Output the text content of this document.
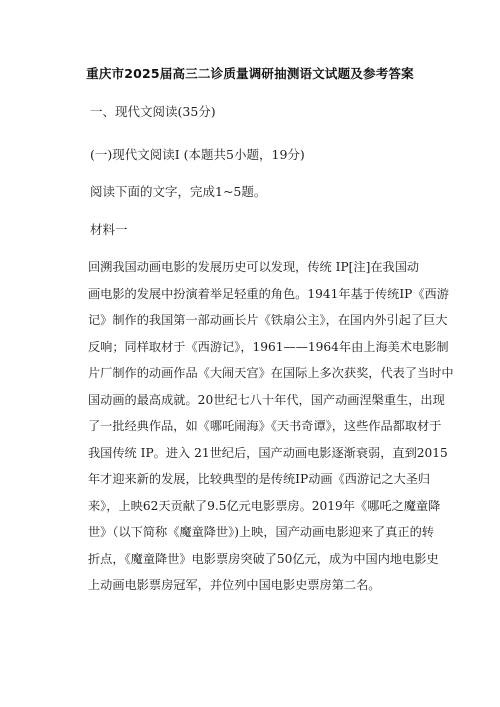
重庆市2025届高三二诊质量调研抽测语文试题及参考答案
一、现代文阅读(35分)
(一)现代文阅读Ⅰ (本题共5小题，19分)
阅读下面的文字，完成1~5题。
材料一

回溯我国动画电影的发展历史可以发现，传统 IP[注]在我国动

画电影的发展中扮演着举足轻重的角色。1941年基于传统IP《西游

记》制作的我国第一部动画长片《铁扇公主》，在国内外引起了巨大

反响；同样取材于《西游记》，1961——1964年由上海美术电影制

片厂制作的动画作品《大闹天宫》在国际上多次获奖，代表了当时中

国动画的最高成就。20世纪七八十年代，国产动画涅槃重生，出现

了一批经典作品，如《哪吒闹海》《天书奇谭》，这些作品都取材于

我国传统 IP。进入 21世纪后，国产动画电影逐渐衰弱，直到2015

年才迎来新的发展，比较典型的是传统IP动画《西游记之大圣归

来》，上映62天贡献了9.5亿元电影票房。2019年《哪吒之魔童降

世》（以下简称《魔童降世》)上映，国产动画电影迎来了真正的转

折点，《魔童降世》电影票房突破了50亿元，成为中国内地电影史

上动画电影票房冠军，并位列中国电影史票房第二名。
